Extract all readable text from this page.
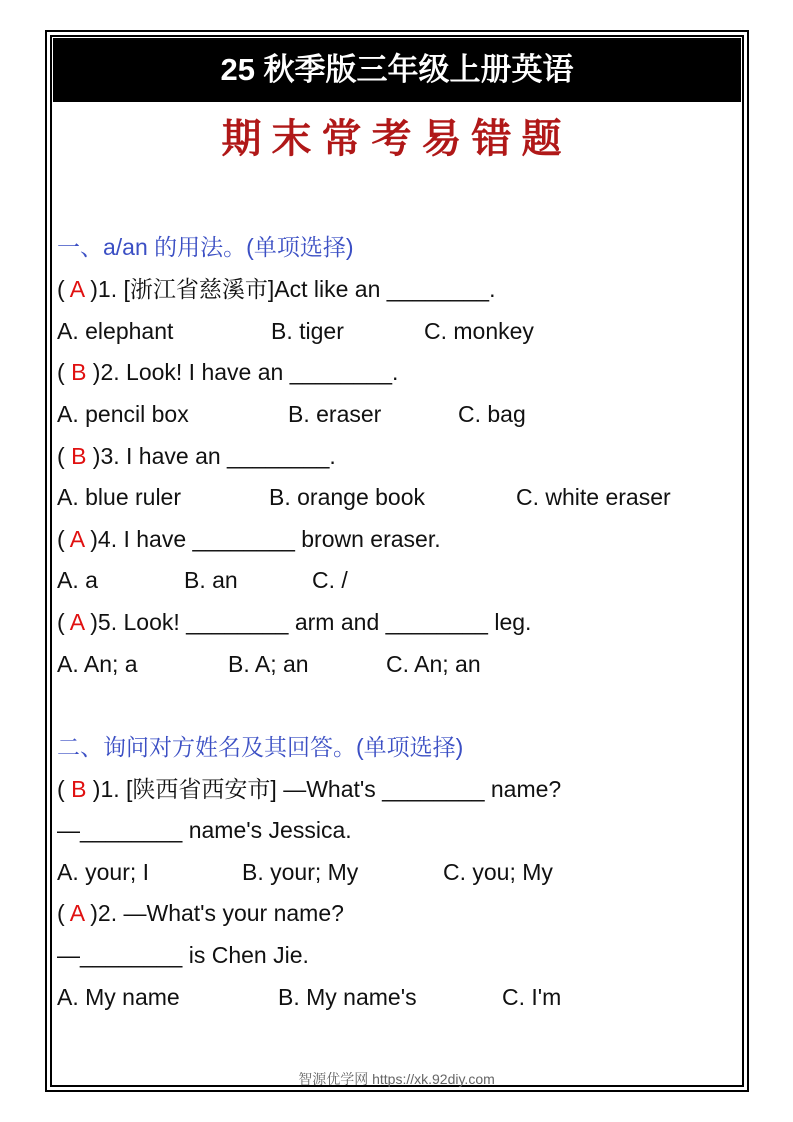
25 秋季版三年级上册英语
期末常考易错题
一、a/an 的用法。(单项选择)
( A )1. [浙江省慈溪市]Act like an ________.
A. elephant	B. tiger	C. monkey
( B )2. Look! I have an ________.
A. pencil box	B. eraser	C. bag
( B )3. I have an ________.
A. blue ruler	B. orange book	C. white eraser
( A )4. I have ________ brown eraser.
A. a	B. an	C. /
( A )5. Look! ________ arm and ________ leg.
A. An; a	B. A; an	C. An; an
二、询问对方姓名及其回答。(单项选择)
( B )1. [陕西省西安市] —What's ________ name?
—________ name's Jessica.
A. your; I	B. your; My	C. you; My
( A )2. —What's your name?
—________ is Chen Jie.
A. My name	B. My name's	C. I'm
智源优学网 https://xk.92diy.com
